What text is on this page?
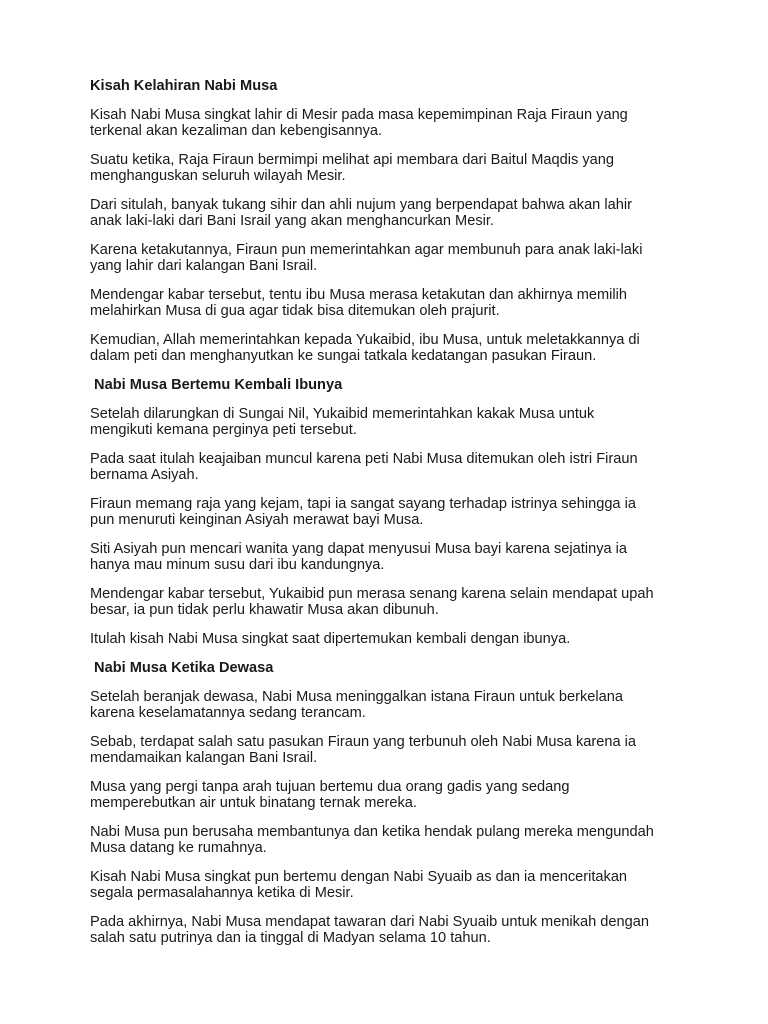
Kisah Kelahiran Nabi Musa
Kisah Nabi Musa singkat lahir di Mesir pada masa kepemimpinan Raja Firaun yang
terkenal akan kezaliman dan kebengisannya.
Suatu ketika, Raja Firaun bermimpi melihat api membara dari Baitul Maqdis yang
menghanguskan seluruh wilayah Mesir.
Dari situlah, banyak tukang sihir dan ahli nujum yang berpendapat bahwa akan lahir
anak laki-laki dari Bani Israil yang akan menghancurkan Mesir.
Karena ketakutannya, Firaun pun memerintahkan agar membunuh para anak laki-laki
yang lahir dari kalangan Bani Israil.
Mendengar kabar tersebut, tentu ibu Musa merasa ketakutan dan akhirnya memilih
melahirkan Musa di gua agar tidak bisa ditemukan oleh prajurit.
Kemudian, Allah memerintahkan kepada Yukaibid, ibu Musa, untuk meletakkannya di
dalam peti dan menghanyutkan ke sungai tatkala kedatangan pasukan Firaun.
Nabi Musa Bertemu Kembali Ibunya
Setelah dilarungkan di Sungai Nil, Yukaibid memerintahkan kakak Musa untuk
mengikuti kemana perginya peti tersebut.
Pada saat itulah keajaiban muncul karena peti Nabi Musa ditemukan oleh istri Firaun
bernama Asiyah.
Firaun memang raja yang kejam, tapi ia sangat sayang terhadap istrinya sehingga ia
pun menuruti keinginan Asiyah merawat bayi Musa.
Siti Asiyah pun mencari wanita yang dapat menyusui Musa bayi karena sejatinya ia
hanya mau minum susu dari ibu kandungnya.
Mendengar kabar tersebut, Yukaibid pun merasa senang karena selain mendapat upah
besar, ia pun tidak perlu khawatir Musa akan dibunuh.
Itulah kisah Nabi Musa singkat saat dipertemukan kembali dengan ibunya.
Nabi Musa Ketika Dewasa
Setelah beranjak dewasa, Nabi Musa meninggalkan istana Firaun untuk berkelana
karena keselamatannya sedang terancam.
Sebab, terdapat salah satu pasukan Firaun yang terbunuh oleh Nabi Musa karena ia
mendamaikan kalangan Bani Israil.
Musa yang pergi tanpa arah tujuan bertemu dua orang gadis yang sedang
memperebutkan air untuk binatang ternak mereka.
Nabi Musa pun berusaha membantunya dan ketika hendak pulang mereka mengundah
Musa datang ke rumahnya.
Kisah Nabi Musa singkat pun bertemu dengan Nabi Syuaib as dan ia menceritakan
segala permasalahannya ketika di Mesir.
Pada akhirnya, Nabi Musa mendapat tawaran dari Nabi Syuaib untuk menikah dengan
salah satu putrinya dan ia tinggal di Madyan selama 10 tahun.
